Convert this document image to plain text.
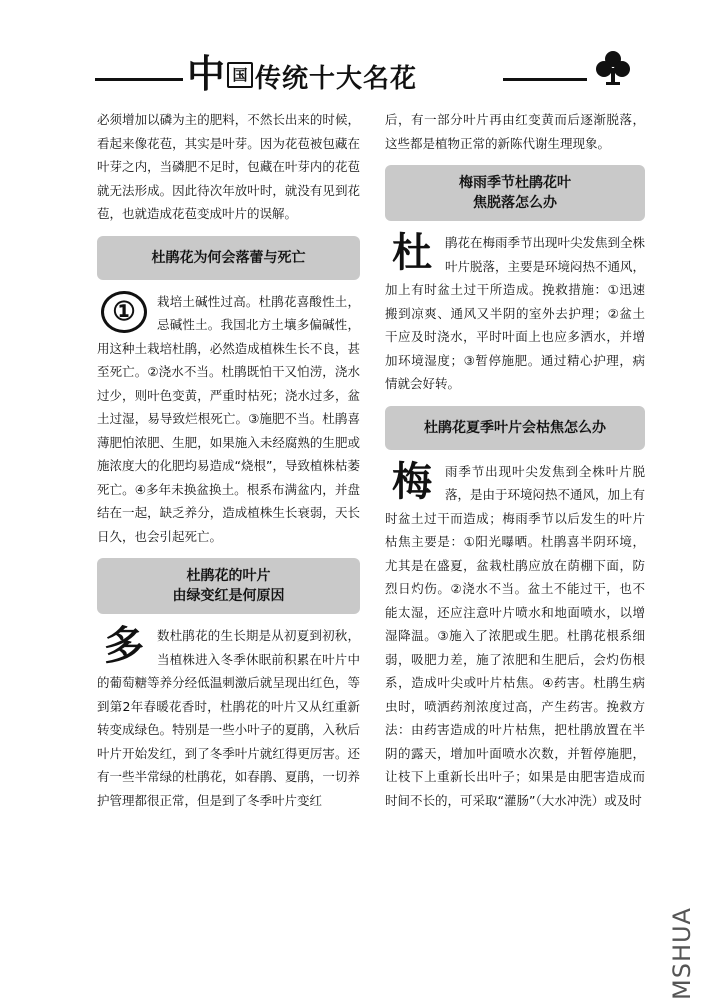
中 国 传统十大名花

必须增加以磷为主的肥料，不然长出来的时候，看起来像花苞，其实是叶芽。因为花苞被包藏在叶芽之内，当磷肥不足时，包藏在叶芽内的花苞就无法形成。因此待次年放叶时，就没有见到花苞，也就造成花苞变成叶片的误解。

杜鹃花为何会落蕾与死亡

①	栽培土碱性过高。杜鹃花喜酸性土，忌碱性土。我国北方土壤多偏碱性，用这种土栽培杜鹃，必然造成植株生长不良，甚至死亡。②浇水不当。杜鹃既怕干又怕涝，浇水过少，则叶色变黄，严重时枯死；浇水过多，盆土过湿，易导致烂根死亡。③施肥不当。杜鹃喜薄肥怕浓肥、生肥，如果施入未经腐熟的生肥或施浓度大的化肥均易造成“烧根”，导致植株枯萎死亡。④多年未换盆换土。根系布满盆内，并盘结在一起，缺乏养分，造成植株生长衰弱，天长日久，也会引起死亡。

杜鹃花的叶片
由绿变红是何原因

多 数杜鹃花的生长期是从初夏到初秋，当植株进入冬季休眠前积累在叶片中的葡萄糖等养分经低温刺激后就呈现出红色，等到第2年春暖花香时，杜鹃花的叶片又从红重新转变成绿色。特别是一些小叶子的夏鹃，入秋后叶片开始发红，到了冬季叶片就红得更厉害。还有一些半常绿的杜鹃花，如春鹃、夏鹃，一切养护管理都很正常，但是到了冬季叶片变红

后，有一部分叶片再由红变黄而后逐渐脱落，这些都是植物正常的新陈代谢生理现象。

梅雨季节杜鹃花叶
焦脱落怎么办

杜 鹃花在梅雨季节出现叶尖发焦到全株叶片脱落，主要是环境闷热不通风，加上有时盆土过干所造成。挽救措施：①迅速搬到凉爽、通风又半阴的室外去护理；②盆土干应及时浇水，平时叶面上也应多洒水，并增加环境湿度；③暂停施肥。通过精心护理，病情就会好转。

杜鹃花夏季叶片会枯焦怎么办

梅 雨季节出现叶尖发焦到全株叶片脱落，是由于环境闷热不通风，加上有时盆土过干而造成；梅雨季节以后发生的叶片枯焦主要是：①阳光曝晒。杜鹃喜半阴环境，尤其是在盛夏，盆栽杜鹃应放在荫棚下面，防烈日灼伤。②浇水不当。盆土不能过干，也不能太湿，还应注意叶片喷水和地面喷水，以增湿降温。③施入了浓肥或生肥。杜鹃花根系细弱，吸肥力差，施了浓肥和生肥后，会灼伤根系，造成叶尖或叶片枯焦。④药害。杜鹃生病虫时，喷洒药剂浓度过高，产生药害。挽救方法：由药害造成的叶片枯焦，把杜鹃放置在半阴的露天，增加叶面喷水次数，并暂停施肥，让枝下上重新长出叶子；如果是由肥害造成而时间不长的，可采取“灌肠”（大水冲洗）或及时

MSHUA
